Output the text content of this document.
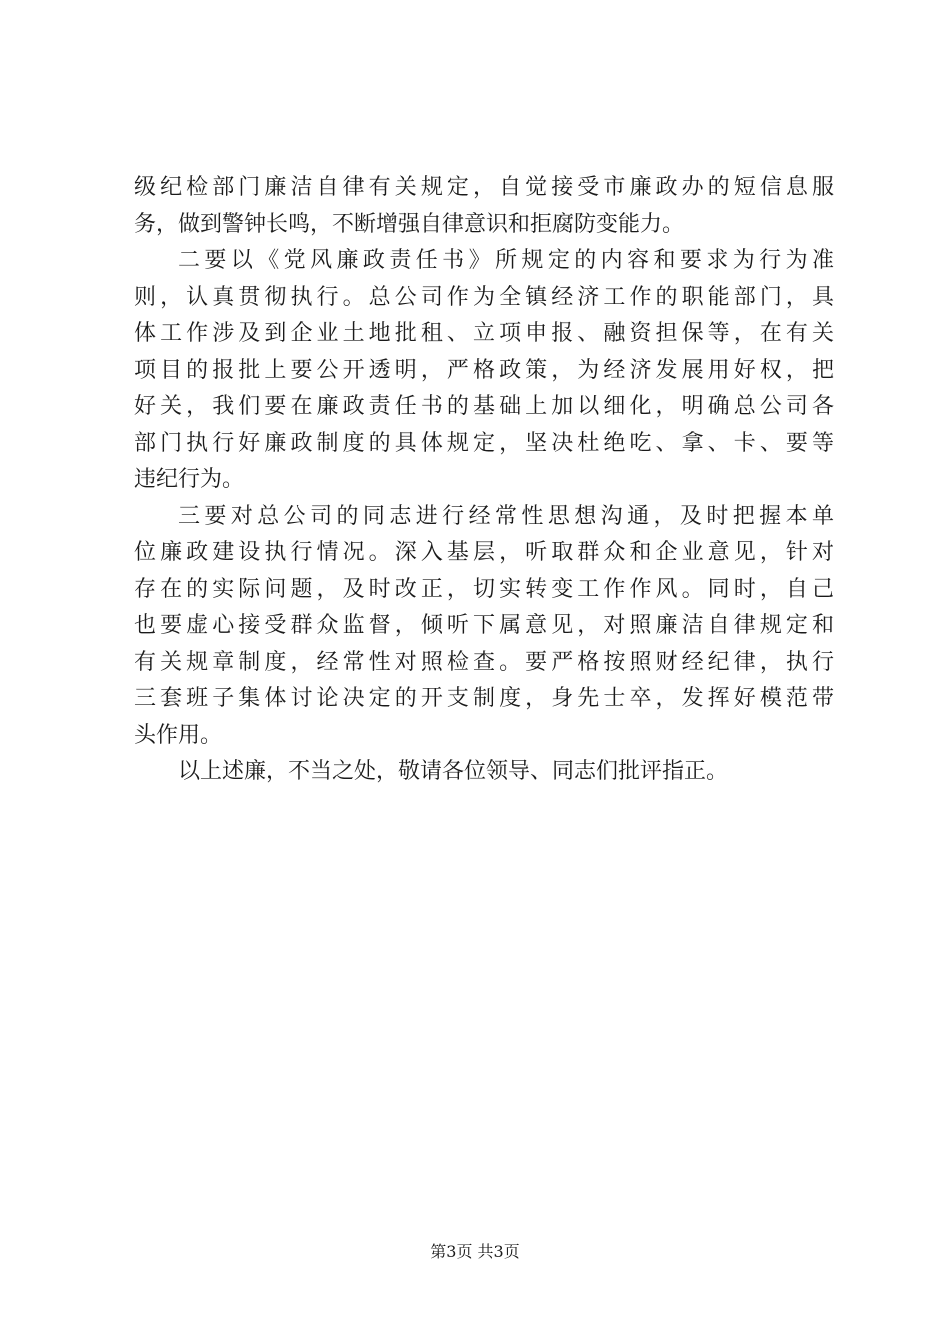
级纪检部门廉洁自律有关规定，自觉接受市廉政办的短信息服
务，做到警钟长鸣，不断增强自律意识和拒腐防变能力。
二要以《党风廉政责任书》所规定的内容和要求为行为准
则，认真贯彻执行。总公司作为全镇经济工作的职能部门，具
体工作涉及到企业土地批租、立项申报、融资担保等，在有关
项目的报批上要公开透明，严格政策，为经济发展用好权，把
好关，我们要在廉政责任书的基础上加以细化，明确总公司各
部门执行好廉政制度的具体规定，坚决杜绝吃、拿、卡、要等
违纪行为。
三要对总公司的同志进行经常性思想沟通，及时把握本单
位廉政建设执行情况。深入基层，听取群众和企业意见，针对
存在的实际问题，及时改正，切实转变工作作风。同时，自己
也要虚心接受群众监督，倾听下属意见，对照廉洁自律规定和
有关规章制度，经常性对照检查。要严格按照财经纪律，执行
三套班子集体讨论决定的开支制度，身先士卒，发挥好模范带
头作用。
以上述廉，不当之处，敬请各位领导、同志们批评指正。
第3页 共3页
